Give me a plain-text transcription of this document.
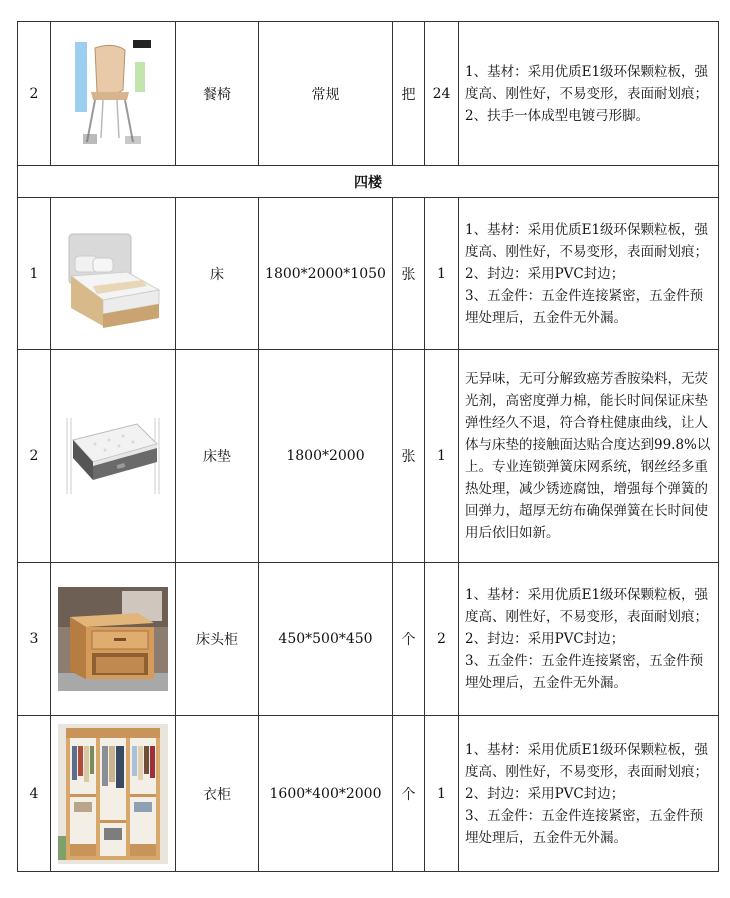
2		餐椅	常规	把	24	1、基材：采用优质E1级环保颗粒板，强度高、刚性好，不易变形，表面耐划痕；
2、扶手一体成型电镀弓形脚。

四楼						
1		床	1800*2000*1050	张	1	1、基材：采用优质E1级环保颗粒板，强度高、刚性好，不易变形，表面耐划痕；
2、封边：采用PVC封边；
3、五金件：五金件连接紧密，五金件预埋处理后，五金件无外漏。

2		床垫	1800*2000	张	1	无异味，无可分解致癌芳香胺染料，无荧光剂，高密度弹力棉，能长时间保证床垫弹性经久不退，符合脊柱健康曲线，让人体与床垫的接触面达贴合度达到99.8%以上。专业连锁弹簧床网系统，钢丝经多重热处理，减少锈迹腐蚀，增强每个弹簧的回弹力，超厚无纺布确保弹簧在长时间使用后依旧如新。

3		床头柜	450*500*450	个	2	1、基材：采用优质E1级环保颗粒板，强度高、刚性好，不易变形，表面耐划痕；
2、封边：采用PVC封边；
3、五金件：五金件连接紧密，五金件预埋处理后，五金件无外漏。

4		衣柜	1600*400*2000	个	1	1、基材：采用优质E1级环保颗粒板，强度高、刚性好，不易变形，表面耐划痕；
2、封边：采用PVC封边；
3、五金件：五金件连接紧密，五金件预埋处理后，五金件无外漏。
